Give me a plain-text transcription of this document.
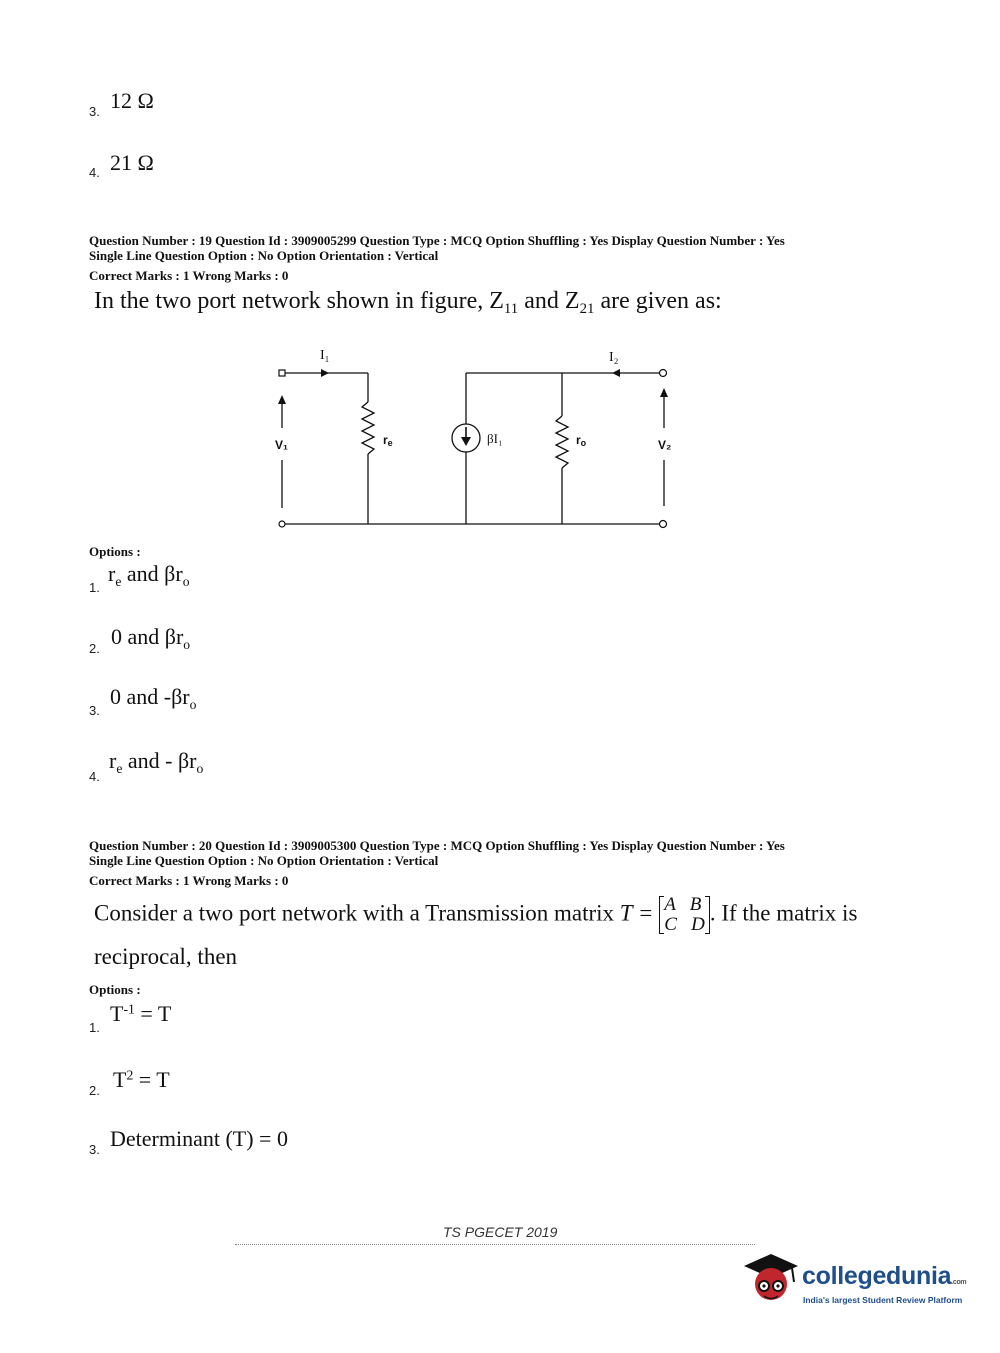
3. 12 Ω
4. 21 Ω
Question Number : 19 Question Id : 3909005299 Question Type : MCQ Option Shuffling : Yes Display Question Number : Yes
Single Line Question Option : No Option Orientation : Vertical
Correct Marks : 1 Wrong Marks : 0
In the two port network shown in figure, $Z_{11}$ and $Z_{21}$ are given as:
I₁	I₂
V₁	V₂
re	ro
βI₁
Options :
1.
$r_e$ and $\beta r_o$
2. 0 and $\beta r_o$
3.
0 and $-\beta r_o$
4.
$r_e$ and - $\beta r_o$
Question Number : 20 Question Id : 3909005300 Question Type : MCQ Option Shuffling : Yes Display Question Number : Yes
Single Line Question Option : No Option Orientation : Vertical
Correct Marks : 1 Wrong Marks : 0
Consider a two port network with a Transmission matrix T = A   B
C   D . If the matrix is
reciprocal, then
Options :
1.
$T^{-1} = T$
2. $T^2 = T$
3. Determinant (T) = 0
TS PGECET 2019
collegedunia.com
India's largest Student Review Platform
